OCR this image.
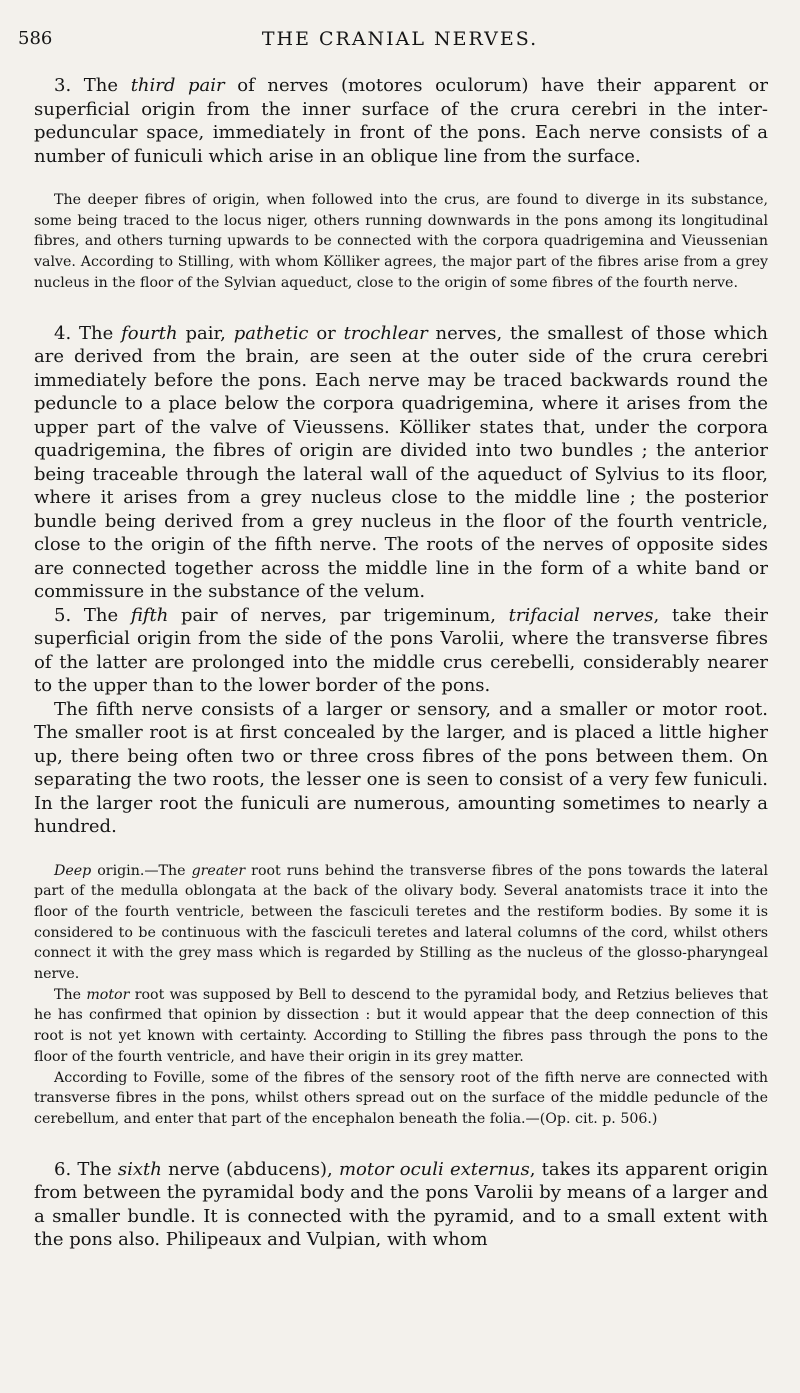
586	THE CRANIAL NERVES.

3. The third pair of nerves (motores oculorum) have their apparent or superficial origin from the inner surface of the crura cerebri in the inter-peduncular space, immediately in front of the pons. Each nerve consists of a number of funiculi which arise in an oblique line from the surface.

The deeper fibres of origin, when followed into the crus, are found to diverge in its substance, some being traced to the locus niger, others running downwards in the pons among its longitudinal fibres, and others turning upwards to be connected with the corpora quadrigemina and Vieussenian valve. According to Stilling, with whom Kölliker agrees, the major part of the fibres arise from a grey nucleus in the floor of the Sylvian aqueduct, close to the origin of some fibres of the fourth nerve.

4. The fourth pair, pathetic or trochlear nerves, the smallest of those which are derived from the brain, are seen at the outer side of the crura cerebri immediately before the pons. Each nerve may be traced backwards round the peduncle to a place below the corpora quadrigemina, where it arises from the upper part of the valve of Vieussens. Kölliker states that, under the corpora quadrigemina, the fibres of origin are divided into two bundles ; the anterior being traceable through the lateral wall of the aqueduct of Sylvius to its floor, where it arises from a grey nucleus close to the middle line ; the posterior bundle being derived from a grey nucleus in the floor of the fourth ventricle, close to the origin of the fifth nerve. The roots of the nerves of opposite sides are connected together across the middle line in the form of a white band or commissure in the substance of the velum.

5. The fifth pair of nerves, par trigeminum, trifacial nerves, take their superficial origin from the side of the pons Varolii, where the transverse fibres of the latter are prolonged into the middle crus cerebelli, considerably nearer to the upper than to the lower border of the pons.

The fifth nerve consists of a larger or sensory, and a smaller or motor root. The smaller root is at first concealed by the larger, and is placed a little higher up, there being often two or three cross fibres of the pons between them. On separating the two roots, the lesser one is seen to consist of a very few funiculi. In the larger root the funiculi are numerous, amounting sometimes to nearly a hundred.

Deep origin.—The greater root runs behind the transverse fibres of the pons towards the lateral part of the medulla oblongata at the back of the olivary body. Several anatomists trace it into the floor of the fourth ventricle, between the fasciculi teretes and the restiform bodies. By some it is considered to be continuous with the fasciculi teretes and lateral columns of the cord, whilst others connect it with the grey mass which is regarded by Stilling as the nucleus of the glosso-pharyngeal nerve.

The motor root was supposed by Bell to descend to the pyramidal body, and Retzius believes that he has confirmed that opinion by dissection : but it would appear that the deep connection of this root is not yet known with certainty. According to Stilling the fibres pass through the pons to the floor of the fourth ventricle, and have their origin in its grey matter.

According to Foville, some of the fibres of the sensory root of the fifth nerve are connected with transverse fibres in the pons, whilst others spread out on the surface of the middle peduncle of the cerebellum, and enter that part of the encephalon beneath the folia.—(Op. cit. p. 506.)

6. The sixth nerve (abducens), motor oculi externus, takes its apparent origin from between the pyramidal body and the pons Varolii by means of a larger and a smaller bundle. It is connected with the pyramid, and to a small extent with the pons also. Philipeaux and Vulpian, with whom
